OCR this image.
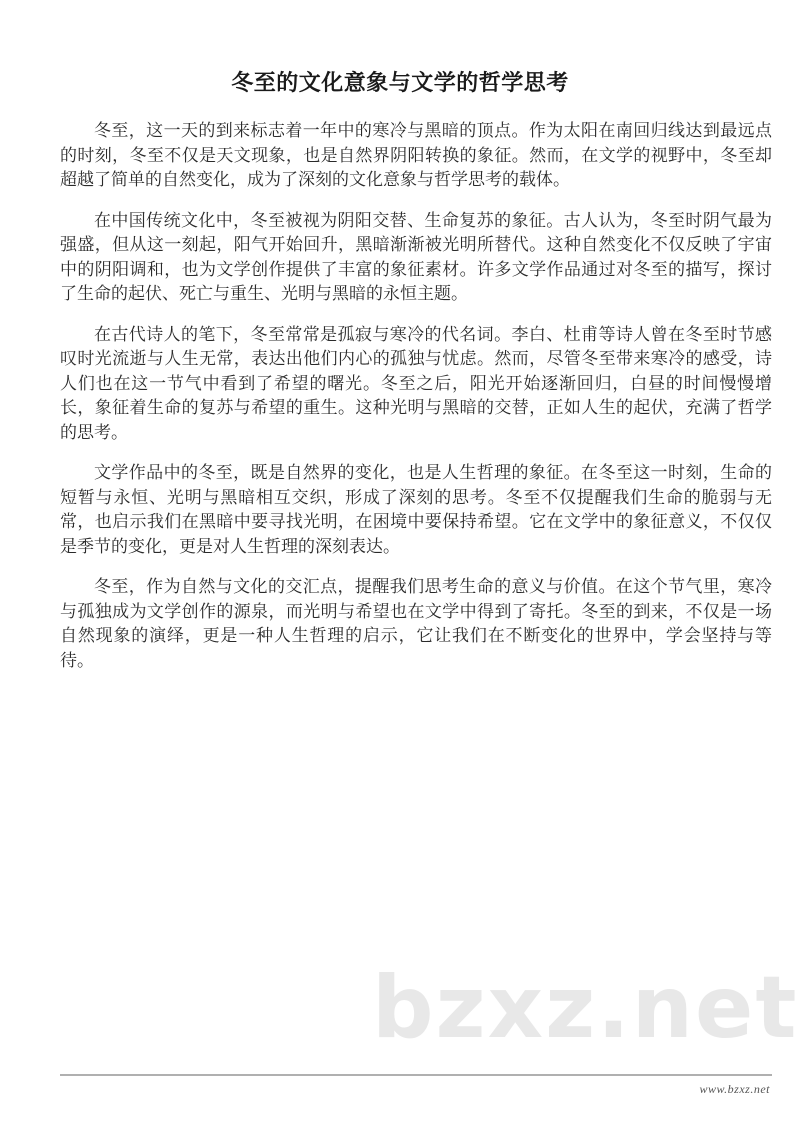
冬至的文化意象与文学的哲学思考

冬至，这一天的到来标志着一年中的寒冷与黑暗的顶点。作为太阳在南回归线达到最远点的时刻，冬至不仅是天文现象，也是自然界阴阳转换的象征。然而，在文学的视野中，冬至却超越了简单的自然变化，成为了深刻的文化意象与哲学思考的载体。

在中国传统文化中，冬至被视为阴阳交替、生命复苏的象征。古人认为，冬至时阴气最为强盛，但从这一刻起，阳气开始回升，黑暗渐渐被光明所替代。这种自然变化不仅反映了宇宙中的阴阳调和，也为文学创作提供了丰富的象征素材。许多文学作品通过对冬至的描写，探讨了生命的起伏、死亡与重生、光明与黑暗的永恒主题。

在古代诗人的笔下，冬至常常是孤寂与寒冷的代名词。李白、杜甫等诗人曾在冬至时节感叹时光流逝与人生无常，表达出他们内心的孤独与忧虑。然而，尽管冬至带来寒冷的感受，诗人们也在这一节气中看到了希望的曙光。冬至之后，阳光开始逐渐回归，白昼的时间慢慢增长，象征着生命的复苏与希望的重生。这种光明与黑暗的交替，正如人生的起伏，充满了哲学的思考。

文学作品中的冬至，既是自然界的变化，也是人生哲理的象征。在冬至这一时刻，生命的短暂与永恒、光明与黑暗相互交织，形成了深刻的思考。冬至不仅提醒我们生命的脆弱与无常，也启示我们在黑暗中要寻找光明，在困境中要保持希望。它在文学中的象征意义，不仅仅是季节的变化，更是对人生哲理的深刻表达。

冬至，作为自然与文化的交汇点，提醒我们思考生命的意义与价值。在这个节气里，寒冷与孤独成为文学创作的源泉，而光明与希望也在文学中得到了寄托。冬至的到来，不仅是一场自然现象的演绎，更是一种人生哲理的启示，它让我们在不断变化的世界中，学会坚持与等待。

bzxz.net
www.bzxz.net
